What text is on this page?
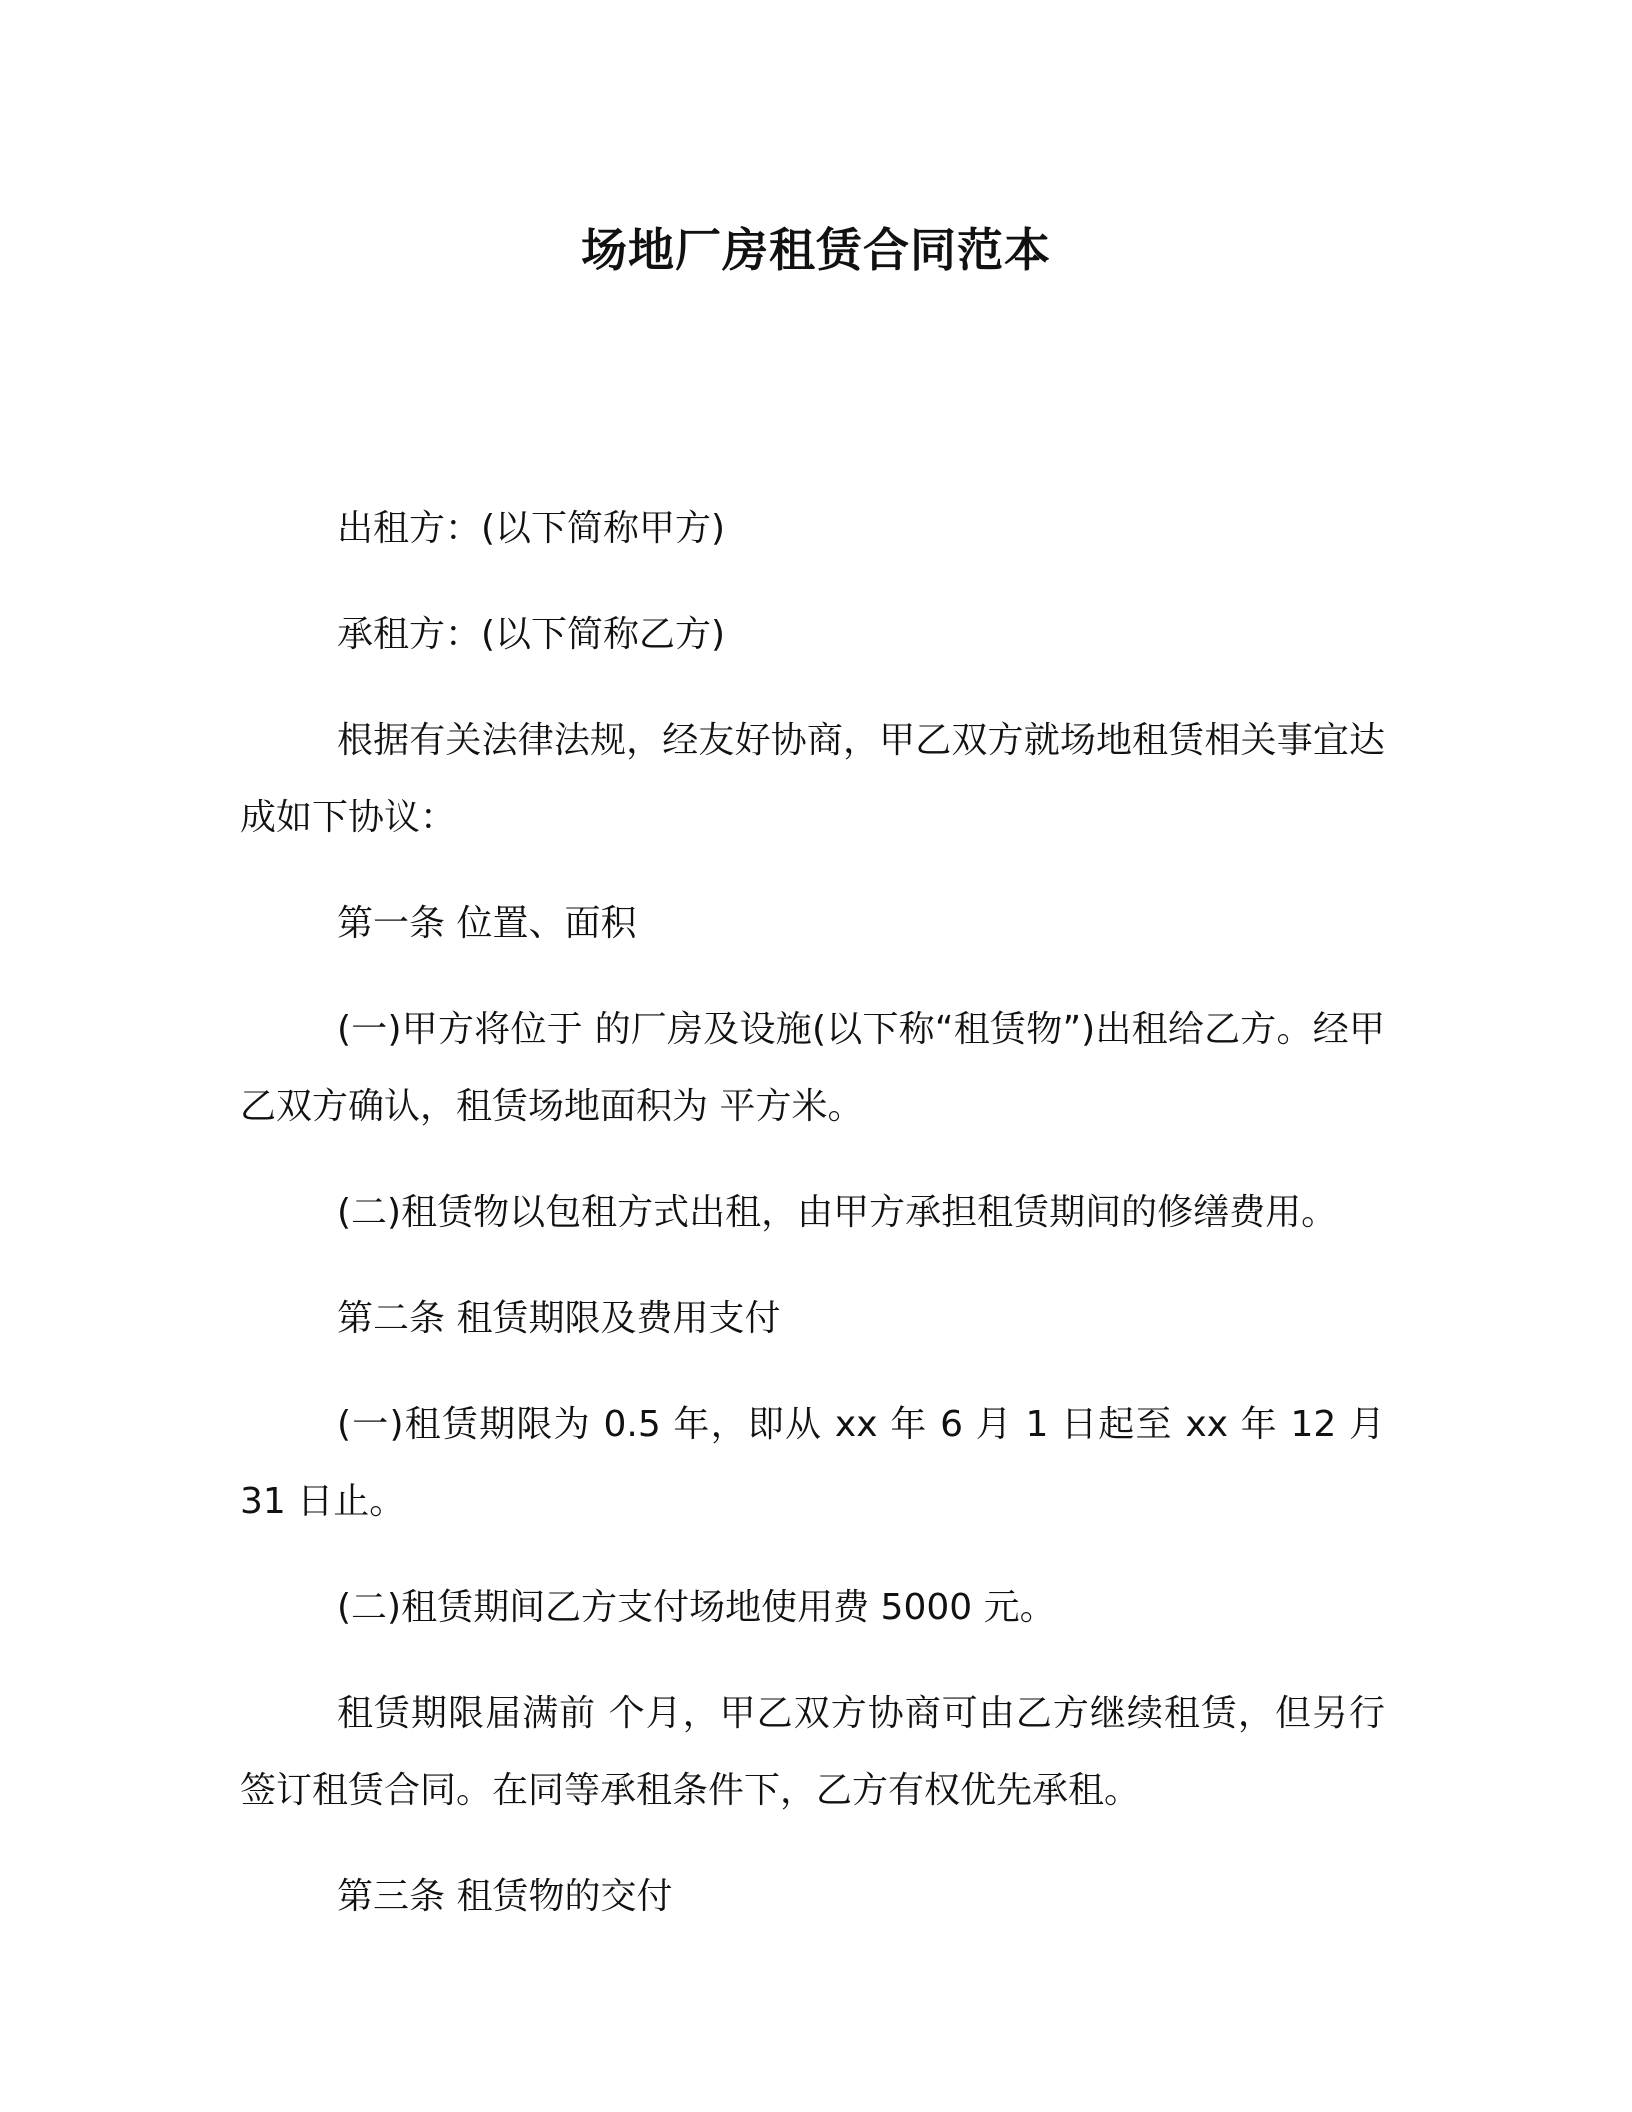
场地厂房租赁合同范本

出租方：(以下简称甲方)

承租方：(以下简称乙方)

根据有关法律法规，经友好协商，甲乙双方就场地租赁相关事宜达成如下协议：

第一条 位置、面积

(一)甲方将位于 的厂房及设施(以下称“租赁物”)出租给乙方。经甲乙双方确认，租赁场地面积为 平方米。

(二)租赁物以包租方式出租，由甲方承担租赁期间的修缮费用。

第二条 租赁期限及费用支付

(一)租赁期限为 0.5 年，即从 xx 年 6 月 1 日起至 xx 年 12 月 31 日止。

(二)租赁期间乙方支付场地使用费 5000 元。

租赁期限届满前 个月，甲乙双方协商可由乙方继续租赁，但另行签订租赁合同。在同等承租条件下，乙方有权优先承租。

第三条 租赁物的交付
